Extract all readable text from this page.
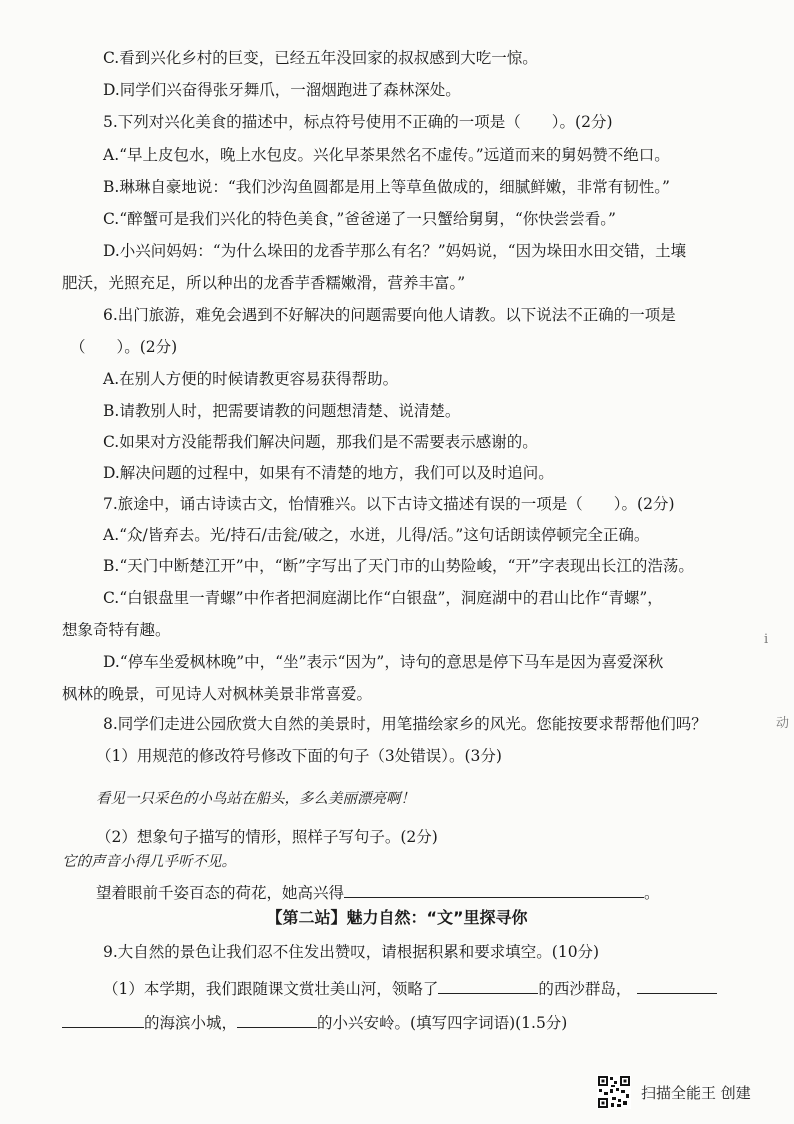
C.看到兴化乡村的巨变，已经五年没回家的叔叔感到大吃一惊。
D.同学们兴奋得张牙舞爪，一溜烟跑进了森林深处。
5.下列对兴化美食的描述中，标点符号使用不正确的一项是（　　）。(2分)
A.“早上皮包水，晚上水包皮。兴化早茶果然名不虚传。”远道而来的舅妈赞不绝口。
B.琳琳自豪地说：“我们沙沟鱼圆都是用上等草鱼做成的，细腻鲜嫩，非常有韧性。”
C.“醉蟹可是我们兴化的特色美食，”爸爸递了一只蟹给舅舅，“你快尝尝看。”
D.小兴问妈妈：“为什么垛田的龙香芋那么有名？”妈妈说，“因为垛田水田交错，土壤
肥沃，光照充足，所以种出的龙香芋香糯嫩滑，营养丰富。”
6.出门旅游，难免会遇到不好解决的问题需要向他人请教。以下说法不正确的一项是
（　　）。(2分)
A.在别人方便的时候请教更容易获得帮助。
B.请教别人时，把需要请教的问题想清楚、说清楚。
C.如果对方没能帮我们解决问题，那我们是不需要表示感谢的。
D.解决问题的过程中，如果有不清楚的地方，我们可以及时追问。
7.旅途中，诵古诗读古文，怡情雅兴。以下古诗文描述有误的一项是（　　）。(2分)
A.“众/皆弃去。光/持石/击瓮/破之，水迸，儿得/活。”这句话朗读停顿完全正确。
B.“天门中断楚江开”中，“断”字写出了天门市的山势险峻，“开”字表现出长江的浩荡。
C.“白银盘里一青螺”中作者把洞庭湖比作“白银盘”，洞庭湖中的君山比作“青螺”，
想象奇特有趣。
D.“停车坐爱枫林晚”中，“坐”表示“因为”，诗句的意思是停下马车是因为喜爱深秋
枫林的晚景，可见诗人对枫林美景非常喜爱。
8.同学们走进公园欣赏大自然的美景时，用笔描绘家乡的风光。您能按要求帮帮他们吗？
（1）用规范的修改符号修改下面的句子（3处错误）。(3分)
看见一只采色的小鸟站在船头，多么美丽漂亮啊！
（2）想象句子描写的情形，照样子写句子。(2分)
它的声音小得几乎听不见。
望着眼前千姿百态的荷花，她高兴得	。
【第二站】魅力自然：“文”里探寻你
9.大自然的景色让我们忍不住发出赞叹，请根据积累和要求填空。(10分)
（1）本学期，我们跟随课文赏壮美山河，领略了	的西沙群岛，
的海滨小城，	的小兴安岭。(填写四字词语)(1.5分)
i
动
扫描全能王 创建
